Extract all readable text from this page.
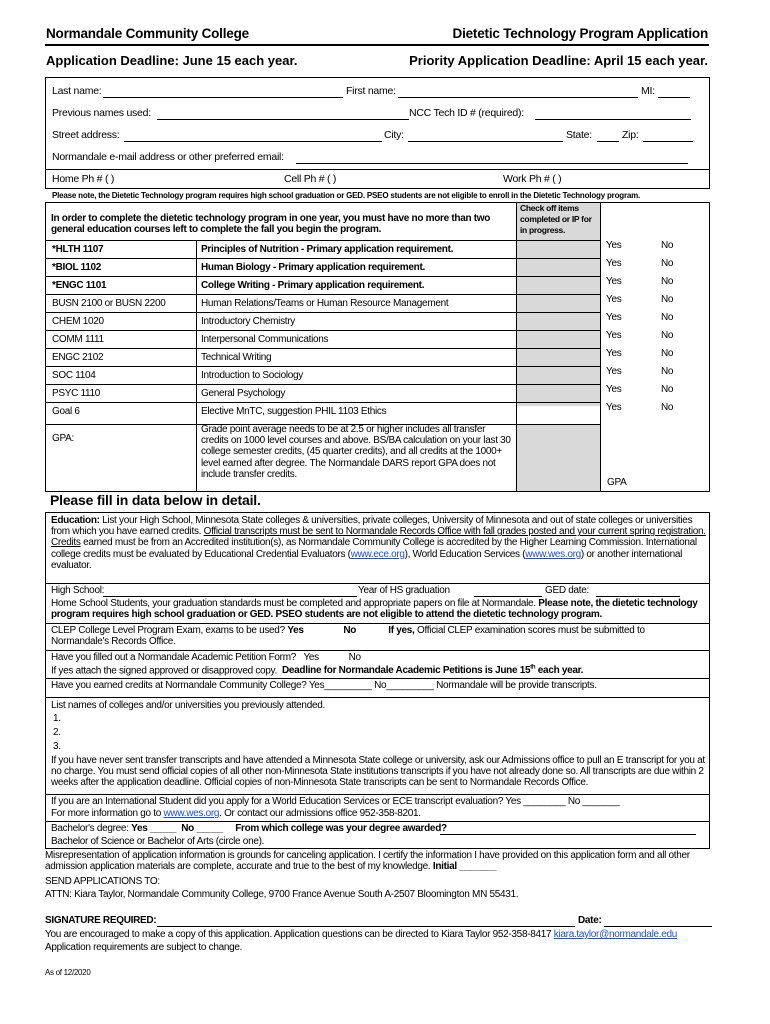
Normandale Community College	Dietetic Technology Program Application
Application Deadline: June 15 each year.	Priority Application Deadline: April 15 each year.
Last name:	First name:	MI:
Previous names used:	NCC Tech ID # (required):
Street address:	City:	State:	Zip:
Normandale e-mail address or other preferred email:
Home Ph # ( )	Cell Ph # ( )	Work Ph # ( )
Please note, the Dietetic Technology program requires high school graduation or GED. PSEO students are not eligible to enroll in the Dietetic Technology program.
In order to complete the dietetic technology program in one year, you must have no more than two general education courses left to complete the fall you begin the program.
Check off items completed or IP for in progress.
*HLTH 1107	Principles of Nutrition - Primary application requirement.	Yes	No
*BIOL 1102	Human Biology - Primary application requirement.	Yes	No
*ENGC 1101	College Writing - Primary application requirement.	Yes	No
BUSN 2100 or BUSN 2200	Human Relations/Teams or Human Resource Management	Yes	No
CHEM 1020	Introductory Chemistry	Yes	No
COMM 1111	Interpersonal Communications	Yes	No
ENGC 2102	Technical Writing	Yes	No
SOC 1104	Introduction to Sociology	Yes	No
PSYC 1110	General Psychology	Yes	No
Goal 6	Elective MnTC, suggestion PHIL 1103 Ethics	Yes	No
GPA:
Grade point average needs to be at 2.5 or higher includes all transfer credits on 1000 level courses and above. BS/BA calculation on your last 30 college semester credits, (45 quarter credits), and all credits at the 1000+ level earned after degree. The Normandale DARS report GPA does not include transfer credits.
GPA
Please fill in data below in detail.
Education: List your High School, Minnesota State colleges & universities, private colleges, University of Minnesota and out of state colleges or universities from which you have earned credits. Official transcripts must be sent to Normandale Records Office with fall grades posted and your current spring registration. Credits earned must be from an Accredited institution(s), as Normandale Community College is accredited by the Higher Learning Commission. International college credits must be evaluated by Educational Credential Evaluators (www.ece.org), World Education Services (www.wes.org) or another international evaluator.
High School:	Year of HS graduation	GED date:
Home School Students, your graduation standards must be completed and appropriate papers on file at Normandale. Please note, the dietetic technology program requires high school graduation or GED. PSEO students are not eligible to attend the dietetic technology program.
CLEP College Level Program Exam, exams to be used? Yes	No	If yes, Official CLEP examination scores must be submitted to Normandale's Records Office.
Have you filled out a Normandale Academic Petition Form? Yes	No
If yes attach the signed approved or disapproved copy. Deadline for Normandale Academic Petitions is June 15th each year.
Have you earned credits at Normandale Community College? Yes_________ No_________ Normandale will be provide transcripts.
List names of colleges and/or universities you previously attended.
1.
2.
3.
If you have never sent transfer transcripts and have attended a Minnesota State college or university, ask our Admissions office to pull an E transcript for you at no charge. You must send official copies of all other non-Minnesota State institutions transcripts if you have not already done so. All transcripts are due within 2 weeks after the application deadline. Official copies of non-Minnesota State transcripts can be sent to Normandale Records Office.
If you are an International Student did you apply for a World Education Services or ECE transcript evaluation? Yes ________ No _______
For more information go to www.wes.org. Or contact our admissions office 952-358-8201.
Bachelor's degree: Yes _____ No _____ From which college was your degree awarded?
Bachelor of Science or Bachelor of Arts (circle one).
Misrepresentation of application information is grounds for canceling application. I certify the information I have provided on this application form and all other admission application materials are complete, accurate and true to the best of my knowledge. Initial _______
SEND APPLICATIONS TO:
ATTN: Kiara Taylor, Normandale Community College, 9700 France Avenue South A-2507 Bloomington MN 55431.
SIGNATURE REQUIRED:	Date:
You are encouraged to make a copy of this application. Application questions can be directed to Kiara Taylor 952-358-8417 kiara.taylor@normandale.edu
Application requirements are subject to change.
As of 12/2020
